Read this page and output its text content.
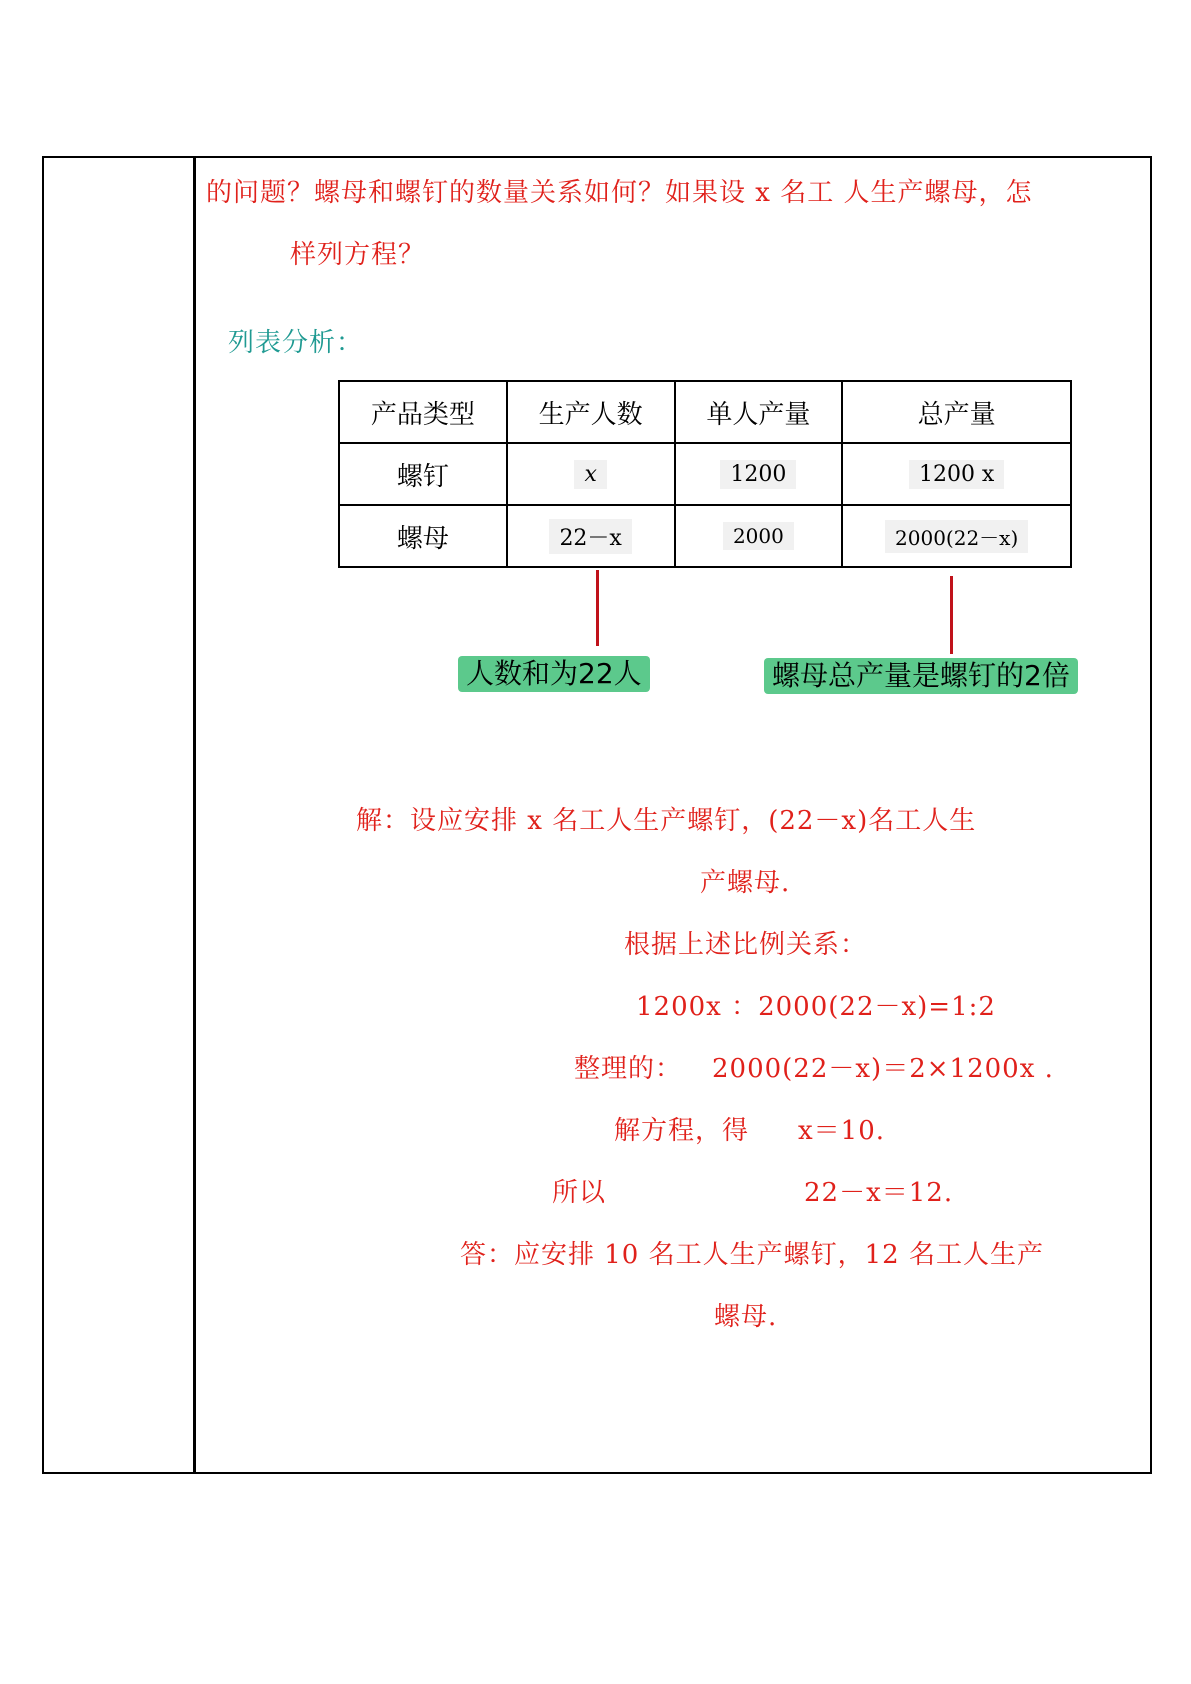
的问题？螺母和螺钉的数量关系如何？如果设 x 名工 人生产螺母，怎
样列方程？
列表分析：
产品类型	生产人数	单人产量	总产量
螺钉	x	1200	1200 x
螺母	22－x	2000	2000(22－x)
人数和为22人	螺母总产量是螺钉的2倍
解：设应安排 x 名工人生产螺钉，(22－x)名工人生
产螺母.
根据上述比例关系：
1200x ：2000(22－x)=1:2
整理的： 2000(22－x)＝2×1200x .
解方程，得 x＝10.
所以	22－x＝12.
答：应安排 10 名工人生产螺钉，12 名工人生产
螺母.
